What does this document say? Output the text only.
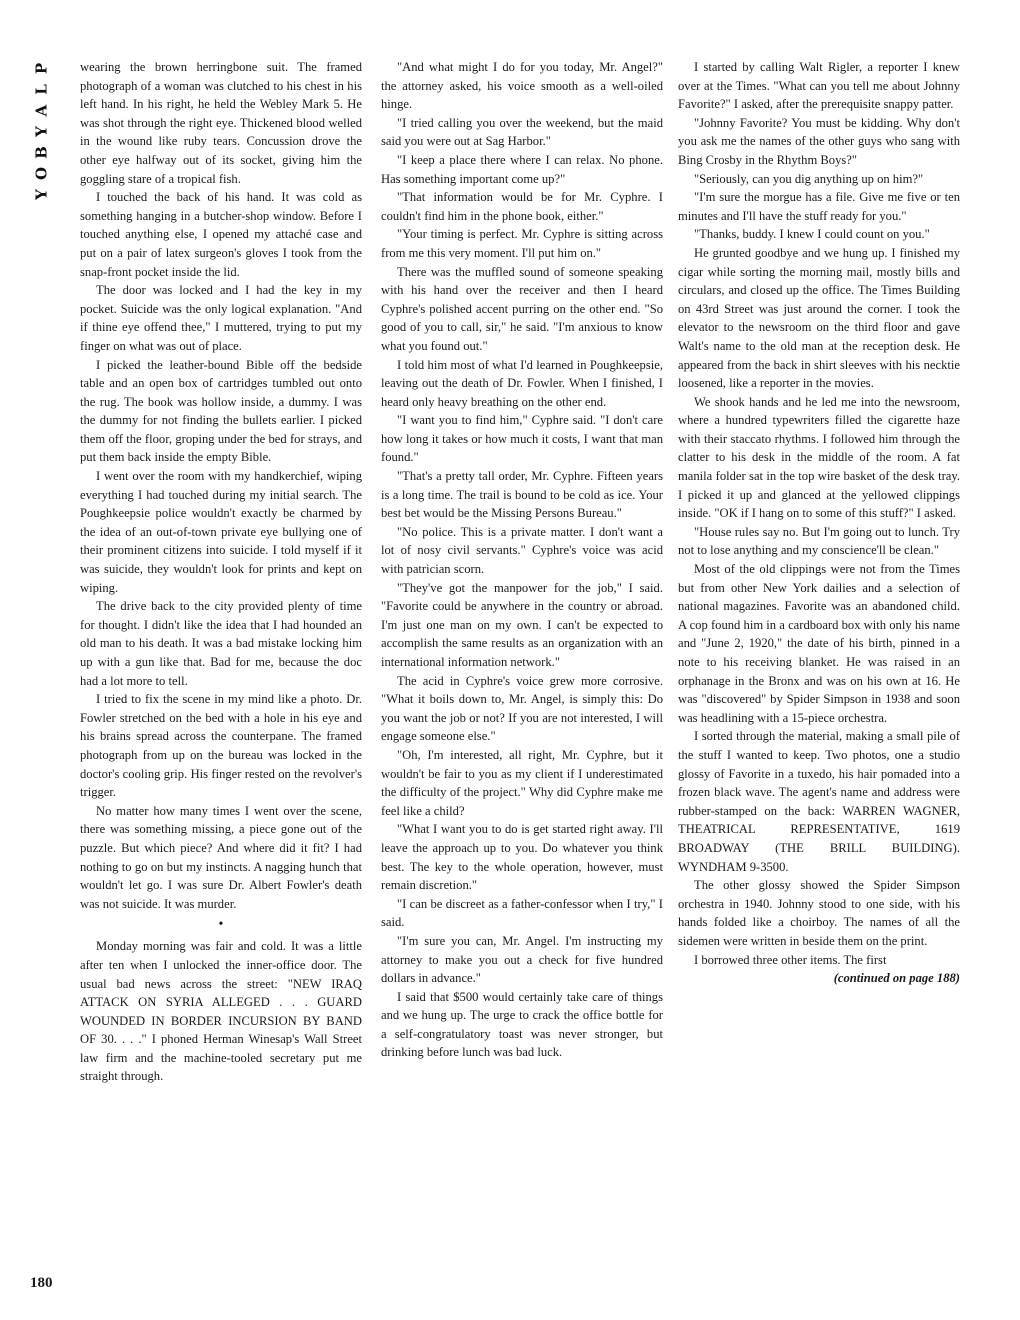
P
L
A
Y
B
O
Y

wearing the brown herringbone suit. The framed photograph of a woman was clutched to his chest in his left hand. In his right, he held the Webley Mark 5. He was shot through the right eye. Thickened blood welled in the wound like ruby tears. Concussion drove the other eye halfway out of its socket, giving him the goggling stare of a tropical fish.

I touched the back of his hand. It was cold as something hanging in a butcher-shop window. Before I touched anything else, I opened my attaché case and put on a pair of latex surgeon's gloves I took from the snap-front pocket inside the lid.

The door was locked and I had the key in my pocket. Suicide was the only logical explanation. "And if thine eye offend thee," I muttered, trying to put my finger on what was out of place.

I picked the leather-bound Bible off the bedside table and an open box of cartridges tumbled out onto the rug. The book was hollow inside, a dummy. I was the dummy for not finding the bullets earlier. I picked them off the floor, groping under the bed for strays, and put them back inside the empty Bible.

I went over the room with my handkerchief, wiping everything I had touched during my initial search. The Poughkeepsie police wouldn't exactly be charmed by the idea of an out-of-town private eye bullying one of their prominent citizens into suicide. I told myself if it was suicide, they wouldn't look for prints and kept on wiping.

The drive back to the city provided plenty of time for thought. I didn't like the idea that I had hounded an old man to his death. It was a bad mistake locking him up with a gun like that. Bad for me, because the doc had a lot more to tell.

I tried to fix the scene in my mind like a photo. Dr. Fowler stretched on the bed with a hole in his eye and his brains spread across the counterpane. The framed photograph from up on the bureau was locked in the doctor's cooling grip. His finger rested on the revolver's trigger.

No matter how many times I went over the scene, there was something missing, a piece gone out of the puzzle. But which piece? And where did it fit? I had nothing to go on but my instincts. A nagging hunch that wouldn't let go. I was sure Dr. Albert Fowler's death was not suicide. It was murder.

•

Monday morning was fair and cold. It was a little after ten when I unlocked the inner-office door. The usual bad news across the street: "NEW IRAQ ATTACK ON SYRIA ALLEGED . . . GUARD WOUNDED IN BORDER INCURSION BY BAND OF 30. . . ." I phoned Herman Winesap's Wall Street law firm and the machine-tooled secretary put me straight through.

"And what might I do for you today, Mr. Angel?" the attorney asked, his voice smooth as a well-oiled hinge.

"I tried calling you over the weekend, but the maid said you were out at Sag Harbor."

"I keep a place there where I can relax. No phone. Has something important come up?"

"That information would be for Mr. Cyphre. I couldn't find him in the phone book, either."

"Your timing is perfect. Mr. Cyphre is sitting across from me this very moment. I'll put him on."

There was the muffled sound of someone speaking with his hand over the receiver and then I heard Cyphre's polished accent purring on the other end. "So good of you to call, sir," he said. "I'm anxious to know what you found out."

I told him most of what I'd learned in Poughkeepsie, leaving out the death of Dr. Fowler. When I finished, I heard only heavy breathing on the other end.

"I want you to find him," Cyphre said. "I don't care how long it takes or how much it costs, I want that man found."

"That's a pretty tall order, Mr. Cyphre. Fifteen years is a long time. The trail is bound to be cold as ice. Your best bet would be the Missing Persons Bureau."

"No police. This is a private matter. I don't want a lot of nosy civil servants." Cyphre's voice was acid with patrician scorn.

"They've got the manpower for the job," I said. "Favorite could be anywhere in the country or abroad. I'm just one man on my own. I can't be expected to accomplish the same results as an organization with an international information network."

The acid in Cyphre's voice grew more corrosive. "What it boils down to, Mr. Angel, is simply this: Do you want the job or not? If you are not interested, I will engage someone else."

"Oh, I'm interested, all right, Mr. Cyphre, but it wouldn't be fair to you as my client if I underestimated the difficulty of the project." Why did Cyphre make me feel like a child?

"What I want you to do is get started right away. I'll leave the approach up to you. Do whatever you think best. The key to the whole operation, however, must remain discretion."

"I can be discreet as a father-confessor when I try," I said.

"I'm sure you can, Mr. Angel. I'm instructing my attorney to make you out a check for five hundred dollars in advance."

I said that $500 would certainly take care of things and we hung up. The urge to crack the office bottle for a self-congratulatory toast was never stronger, but drinking before lunch was bad luck.

I started by calling Walt Rigler, a reporter I knew over at the Times. "What can you tell me about Johnny Favorite?" I asked, after the prerequisite snappy patter.

"Johnny Favorite? You must be kidding. Why don't you ask me the names of the other guys who sang with Bing Crosby in the Rhythm Boys?"

"Seriously, can you dig anything up on him?"

"I'm sure the morgue has a file. Give me five or ten minutes and I'll have the stuff ready for you."

"Thanks, buddy. I knew I could count on you."

He grunted goodbye and we hung up. I finished my cigar while sorting the morning mail, mostly bills and circulars, and closed up the office. The Times Building on 43rd Street was just around the corner. I took the elevator to the newsroom on the third floor and gave Walt's name to the old man at the reception desk. He appeared from the back in shirt sleeves with his necktie loosened, like a reporter in the movies.

We shook hands and he led me into the newsroom, where a hundred typewriters filled the cigarette haze with their staccato rhythms. I followed him through the clatter to his desk in the middle of the room. A fat manila folder sat in the top wire basket of the desk tray. I picked it up and glanced at the yellowed clippings inside. "OK if I hang on to some of this stuff?" I asked.

"House rules say no. But I'm going out to lunch. Try not to lose anything and my conscience'll be clean."

Most of the old clippings were not from the Times but from other New York dailies and a selection of national magazines. Favorite was an abandoned child. A cop found him in a cardboard box with only his name and "June 2, 1920," the date of his birth, pinned in a note to his receiving blanket. He was raised in an orphanage in the Bronx and was on his own at 16. He was "discovered" by Spider Simpson in 1938 and soon was headlining with a 15-piece orchestra.

I sorted through the material, making a small pile of the stuff I wanted to keep. Two photos, one a studio glossy of Favorite in a tuxedo, his hair pomaded into a frozen black wave. The agent's name and address were rubber-stamped on the back: WARREN WAGNER, THEATRICAL REPRESENTATIVE, 1619 BROADWAY (THE BRILL BUILDING). WYNDHAM 9-3500.

The other glossy showed the Spider Simpson orchestra in 1940. Johnny stood to one side, with his hands folded like a choirboy. The names of all the sidemen were written in beside them on the print.

I borrowed three other items. The first

(continued on page 188)

180
